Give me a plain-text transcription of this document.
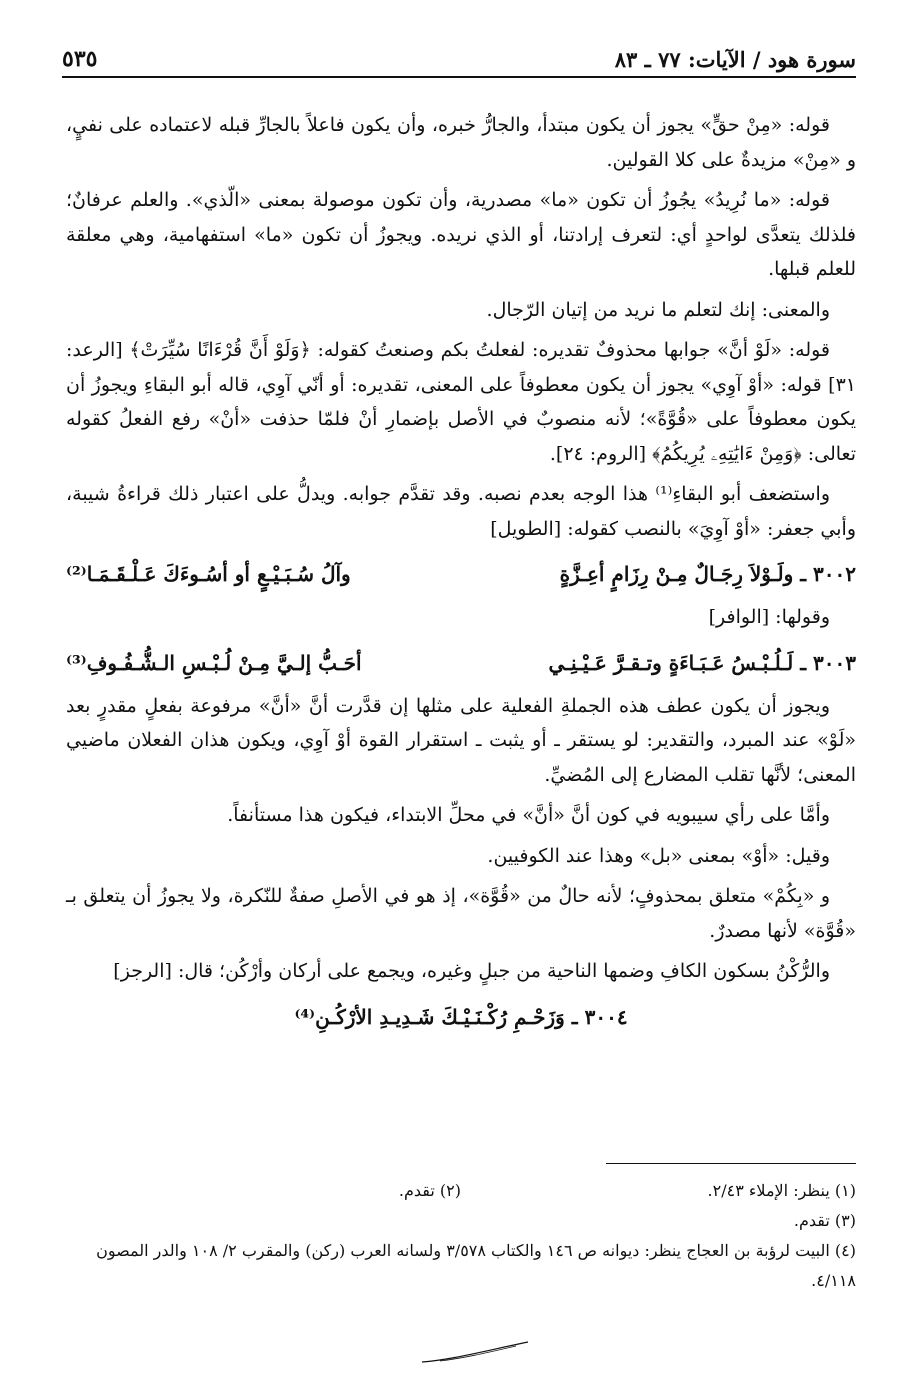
سورة هود / الآيات: ٧٧ ـ ٨٣
٥٣٥

قوله: «مِنْ حقٍّ» يجوز أن يكون مبتدأ، والجارُّ خبره، وأن يكون فاعلاً بالجارِّ قبله لاعتماده على نفيٍ، و «مِنْ» مزيدةٌ على كلا القولين.

قوله: «ما نُرِيدُ» يجُوزُ أن تكون «ما» مصدرية، وأن تكون موصولة بمعنى «الّذي». والعلم عرفانٌ؛ فلذلك يتعدَّى لواحدٍ أي: لتعرف إرادتنا، أو الذي نريده. ويجوزُ أن تكون «ما» استفهامية، وهي معلقة للعلم قبلها.

والمعنى: إنك لتعلم ما نريد من إتيان الرّجال.

قوله: «لَوْ أنَّ» جوابها محذوفٌ تقديره: لفعلتُ بكم وصنعتُ كقوله: ﴿وَلَوْ أَنَّ قُرْءَانًا سُيِّرَتْ﴾ [الرعد: ٣١] قوله: «أوْ آوِي» يجوز أن يكون معطوفاً على المعنى، تقديره: أو أنّي آوِي، قاله أبو البقاءِ ويجوزُ أن يكون معطوفاً على «قُوَّةً»؛ لأنه منصوبٌ في الأصل بإضمارِ أنْ فلمّا حذفت «أنْ» رفع الفعلُ كقوله تعالى: ﴿وَمِنْ ءَايَٰتِهِۦ يُرِيكُمُ﴾ [الروم: ٢٤].

واستضعف أبو البقاءِ⁽¹⁾ هذا الوجه بعدم نصبه. وقد تقدَّم جوابه. ويدلُّ على اعتبار ذلك قراءةُ شيبة، وأبي جعفر: «أوْ آوِيَ» بالنصب كقوله: [الطويل]

٣٠٠٢ ـ ولَـوْلاَ رِجَـالٌ مِـنْ رِزَامٍ أعِـزَّةٍ
وآلُ سُـبَـيْـعٍ أو أسُـوءَكَ عَـلْـقَـمَـا⁽²⁾

وقولها: [الوافر]

٣٠٠٣ ـ لَـلُـبْـسُ عَـبَـاءَةٍ وتـقـرَّ عَـيْـنِـي
أحَـبُّ إلـيَّ مِـنْ لُـبْـسِ الـشُّـفُـوفِ⁽³⁾

ويجوز أن يكون عطف هذه الجملةِ الفعلية على مثلها إن قدَّرت أنَّ «أنَّ» مرفوعة بفعلٍ مقدرٍ بعد «لَوْ» عند المبرد، والتقدير: لو يستقر ـ أو يثبت ـ استقرار القوة أوْ آوِي، ويكون هذان الفعلان ماضيي المعنى؛ لأنَّها تقلب المضارع إلى المُضيِّ.

وأمَّا على رأي سيبويه في كون أنَّ «أنَّ» في محلِّ الابتداء، فيكون هذا مستأنفاً.

وقيل: «أوْ» بمعنى «بل» وهذا عند الكوفيين.

و «بِكُمْ» متعلق بمحذوفٍ؛ لأنه حالٌ من «قُوَّة»، إذ هو في الأصلِ صفةٌ للنّكرة، ولا يجوزُ أن يتعلق بـ «قُوَّة» لأنها مصدرٌ.

والرُّكْنُ بسكون الكافِ وضمها الناحية من جبلٍ وغيره، ويجمع على أركان وأرْكُن؛ قال: [الرجز]

٣٠٠٤ ـ وَزَحْـمِ رُكْـنَـيْـكَ شَـدِيـدِ الأرْكُـنِ⁽⁴⁾
(١) ينظر: الإملاء ٢/٤٣.
(٢) تقدم.

(٣) تقدم.

(٤) البيت لرؤبة بن العجاج ينظر: ديوانه ص ١٤٦ والكتاب ٣/٥٧٨ ولسانه العرب (ركن) والمقرب ٢/ ١٠٨ والدر المصون ٤/١١٨.
